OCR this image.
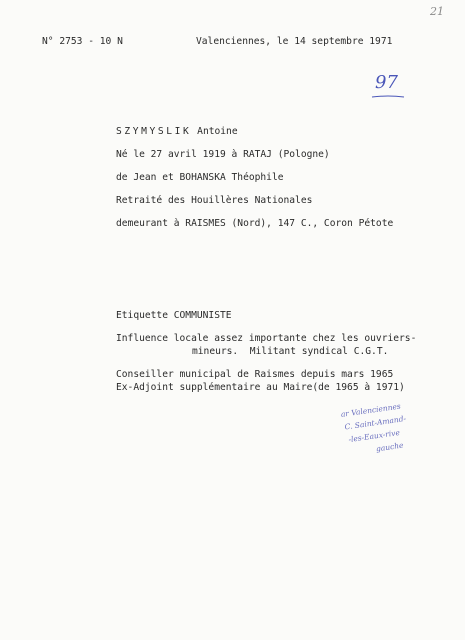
N° 2753 - 10 N	Valenciennes, le 14 septembre 1971
21
97
SZYMYSLIK Antoine
Né le 27 avril 1919 à RATAJ (Pologne)
de Jean et BOHANSKA Théophile
Retraité des Houillères Nationales
demeurant à RAISMES (Nord), 147 C., Coron Pétote
Etiquette COMMUNISTE
Influence locale assez importante chez les ouvriers-
mineurs.  Militant syndical C.G.T.
Conseiller municipal de Raismes depuis mars 1965
Ex-Adjoint supplémentaire au Maire(de 1965 à 1971)
ar Valenciennes
C. Saint-Amand-
-les-Eaux-rive
gauche
